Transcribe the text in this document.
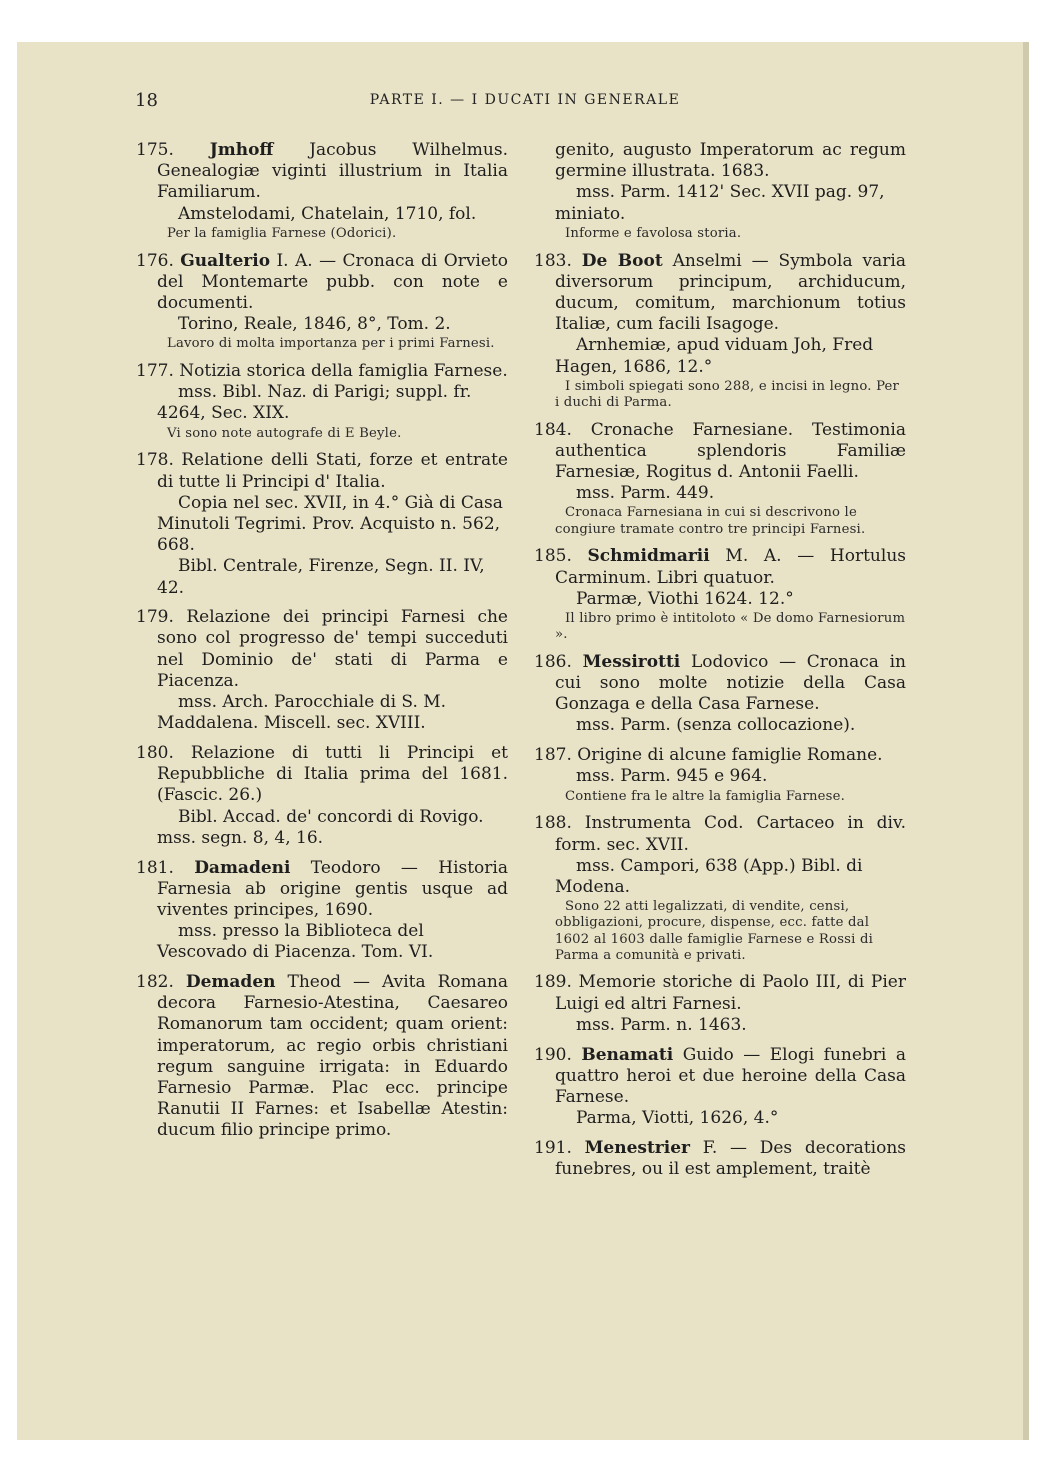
18	PARTE I. — I DUCATI IN GENERALE
175. Jmhoff Jacobus Wilhelmus. Genealogiæ viginti illustrium in Italia Familiarum.
Amstelodami, Chatelain, 1710, fol.
Per la famiglia Farnese (Odorici).
176. Gualterio I. A. — Cronaca di Orvieto del Montemarte pubb. con note e documenti.
Torino, Reale, 1846, 8°, Tom. 2.
Lavoro di molta importanza per i primi Farnesi.
177. Notizia storica della famiglia Farnese.
mss. Bibl. Naz. di Parigi; suppl. fr. 4264, Sec. XIX.
Vi sono note autografe di E Beyle.
178. Relatione delli Stati, forze et entrate di tutte li Principi d' Italia.
Copia nel sec. XVII, in 4.° Già di Casa Minutoli Tegrimi. Prov. Acquisto n. 562, 668.
Bibl. Centrale, Firenze, Segn. II. IV, 42.
179. Relazione dei principi Farnesi che sono col progresso de' tempi succeduti nel Dominio de' stati di Parma e Piacenza.
mss. Arch. Parocchiale di S. M. Maddalena. Miscell. sec. XVIII.
180. Relazione di tutti li Principi et Repubbliche di Italia prima del 1681. (Fascic. 26.)
Bibl. Accad. de' concordi di Rovigo. mss. segn. 8, 4, 16.
181. Damadeni Teodoro — Historia Farnesia ab origine gentis usque ad viventes principes, 1690.
mss. presso la Biblioteca del Vescovado di Piacenza. Tom. VI.
182. Demaden Theod — Avita Romana decora Farnesio-Atestina, Caesareo Romanorum tam occident; quam orient: imperatorum, ac regio orbis christiani regum sanguine irrigata: in Eduardo Farnesio Parmæ. Plac ecc. principe Ranutii II Farnes: et Isabellæ Atestin: ducum filio principe primo.
genito, augusto Imperatorum ac regum germine illustrata. 1683.
mss. Parm. 1412' Sec. XVII pag. 97, miniato.
Informe e favolosa storia.
183. De Boot Anselmi — Symbola varia diversorum principum, archiducum, ducum, comitum, marchionum totius Italiæ, cum facili Isagoge.
Arnhemiæ, apud viduam Joh, Fred Hagen, 1686, 12.°
I simboli spiegati sono 288, e incisi in legno. Per i duchi di Parma.
184. Cronache Farnesiane. Testimonia authentica splendoris Familiæ Farnesiæ, Rogitus d. Antonii Faelli.
mss. Parm. 449.
Cronaca Farnesiana in cui si descrivono le congiure tramate contro tre principi Farnesi.
185. Schmidmarii M. A. — Hortulus Carminum. Libri quatuor.
Parmæ, Viothi 1624. 12.°
Il libro primo è intitoloto « De domo Farnesiorum ».
186. Messirotti Lodovico — Cronaca in cui sono molte notizie della Casa Gonzaga e della Casa Farnese.
mss. Parm. (senza collocazione).
187. Origine di alcune famiglie Romane.
mss. Parm. 945 e 964.
Contiene fra le altre la famiglia Farnese.
188. Instrumenta Cod. Cartaceo in div. form. sec. XVII.
mss. Campori, 638 (App.) Bibl. di Modena.
Sono 22 atti legalizzati, di vendite, censi, obbligazioni, procure, dispense, ecc. fatte dal 1602 al 1603 dalle famiglie Farnese e Rossi di Parma a comunità e privati.
189. Memorie storiche di Paolo III, di Pier Luigi ed altri Farnesi.
mss. Parm. n. 1463.
190. Benamati Guido — Elogi funebri a quattro heroi et due heroine della Casa Farnese.
Parma, Viotti, 1626, 4.°
191. Menestrier F. — Des decorations funebres, ou il est amplement, traitè
